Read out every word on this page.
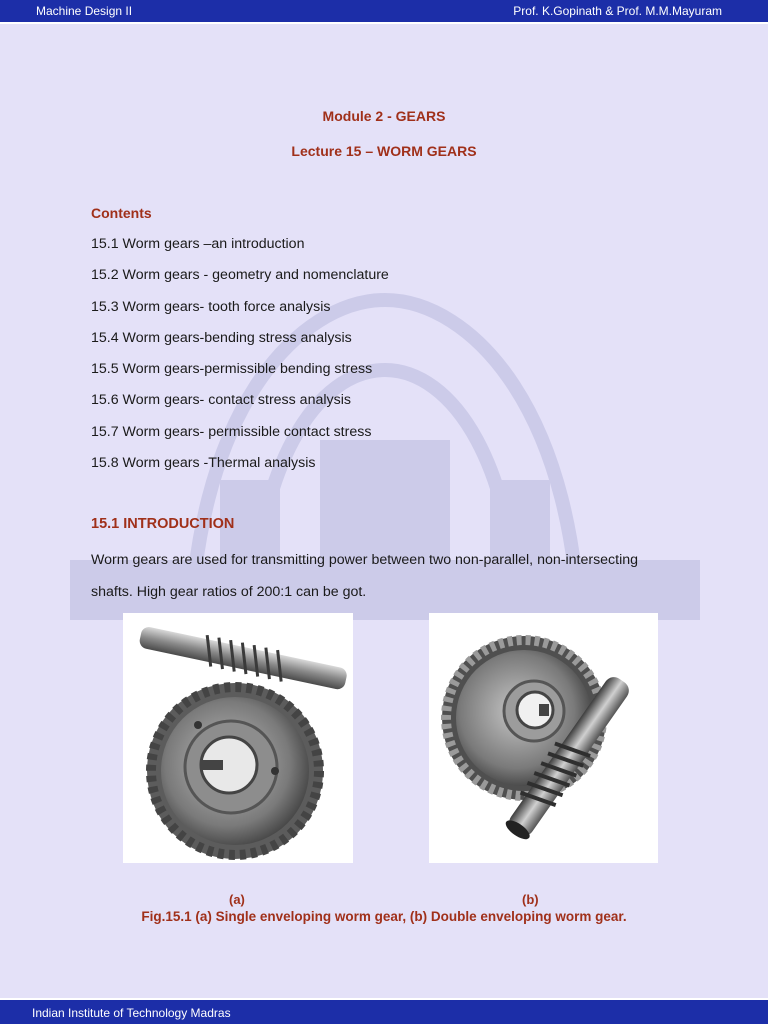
Machine Design II	Prof. K.Gopinath & Prof. M.M.Mayuram
Module 2 - GEARS
Lecture 15 – WORM GEARS
Contents
15.1 Worm gears –an introduction
15.2 Worm gears - geometry and nomenclature
15.3 Worm gears- tooth force analysis
15.4 Worm gears-bending stress analysis
15.5 Worm gears-permissible bending stress
15.6 Worm gears- contact stress analysis
15.7 Worm gears- permissible contact stress
15.8 Worm gears -Thermal analysis
15.1 INTRODUCTION

Worm gears are used for transmitting power between two non-parallel, non-intersecting
shafts. High gear ratios of 200:1 can be got.

(a)	(b)
Fig.15.1 (a) Single enveloping worm gear, (b) Double enveloping worm gear.
Indian Institute of Technology Madras
